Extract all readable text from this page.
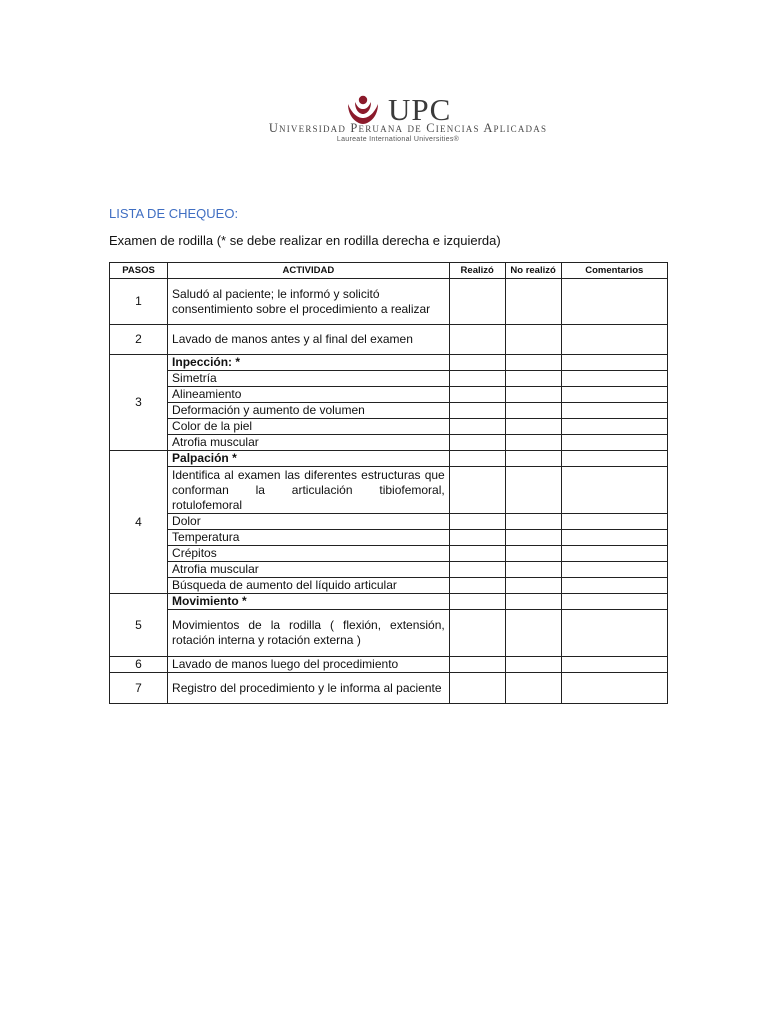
UPC
Universidad Peruana de Ciencias Aplicadas
Laureate International Universities®
LISTA DE CHEQUEO:
Examen de rodilla (* se debe realizar en rodilla derecha e izquierda)
PASOS	ACTIVIDAD	Realizó	No realizó	Comentarios
1	Saludó al paciente; le informó y solicitó consentimiento sobre el procedimiento a realizar			
2	Lavado de manos antes y al final del examen			
3	Inpección: *			
	Simetría			
	Alineamiento			
	Deformación y aumento de volumen			
	Color de la piel			
	Atrofia muscular			
4	Palpación *			
	Identifica al examen las diferentes estructuras que conforman la articulación tibiofemoral, rotulofemoral			
	Dolor			
	Temperatura			
	Crépitos			
	Atrofia muscular			
	Búsqueda de aumento del líquido articular			
5	Movimiento *			
	Movimientos de la rodilla ( flexión, extensión, rotación interna y rotación externa )			
6	Lavado de manos luego del procedimiento			
7	Registro del procedimiento y le informa al paciente			
